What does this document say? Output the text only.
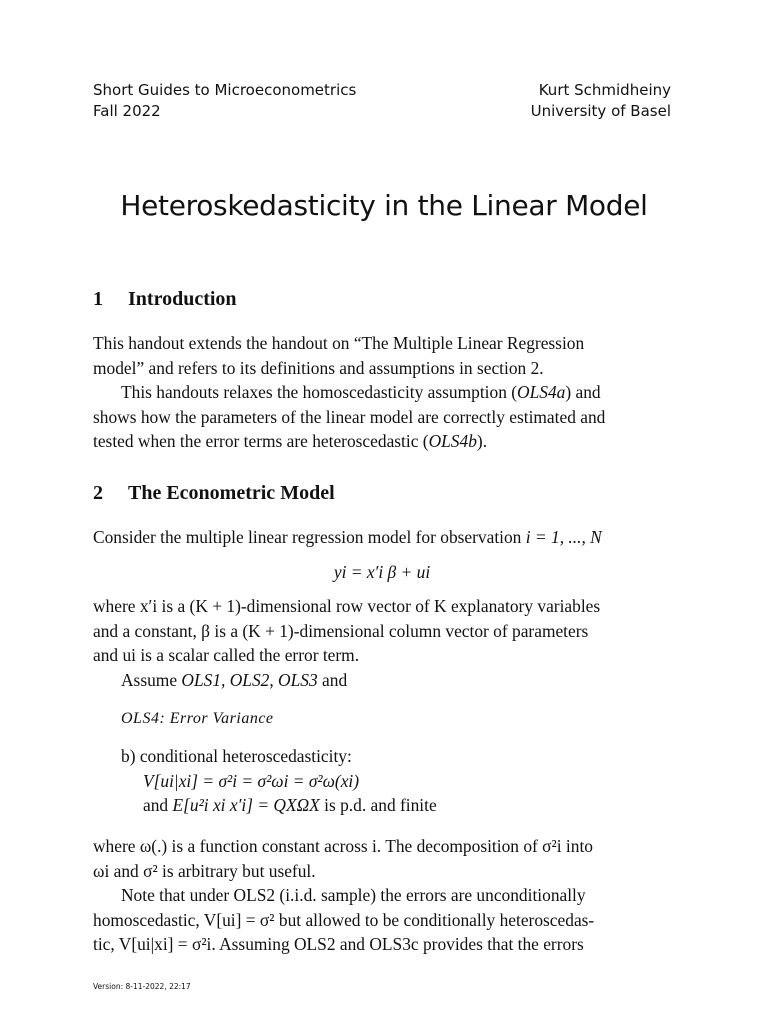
Short Guides to Microeconometrics
Fall 2022
Kurt Schmidheiny
University of Basel
Heteroskedasticity in the Linear Model
1 Introduction
This handout extends the handout on “The Multiple Linear Regression
model” and refers to its definitions and assumptions in section 2.
This handouts relaxes the homoscedasticity assumption (OLS4a) and
shows how the parameters of the linear model are correctly estimated and
tested when the error terms are heteroscedastic (OLS4b).
2 The Econometric Model
Consider the multiple linear regression model for observation i = 1, ..., N
yi = x′i β + ui
where x′i is a (K + 1)-dimensional row vector of K explanatory variables
and a constant, β is a (K + 1)-dimensional column vector of parameters
and ui is a scalar called the error term.
Assume OLS1, OLS2, OLS3 and
OLS4: Error Variance
b) conditional heteroscedasticity:
V[ui|xi] = σ²i = σ²ωi = σ²ω(xi)
and E[u²i xi x′i] = QXΩX is p.d. and finite
where ω(.) is a function constant across i. The decomposition of σ²i into
ωi and σ² is arbitrary but useful.
Note that under OLS2 (i.i.d. sample) the errors are unconditionally
homoscedastic, V[ui] = σ² but allowed to be conditionally heteroscedas-
tic, V[ui|xi] = σ²i. Assuming OLS2 and OLS3c provides that the errors
Version: 8-11-2022, 22:17
